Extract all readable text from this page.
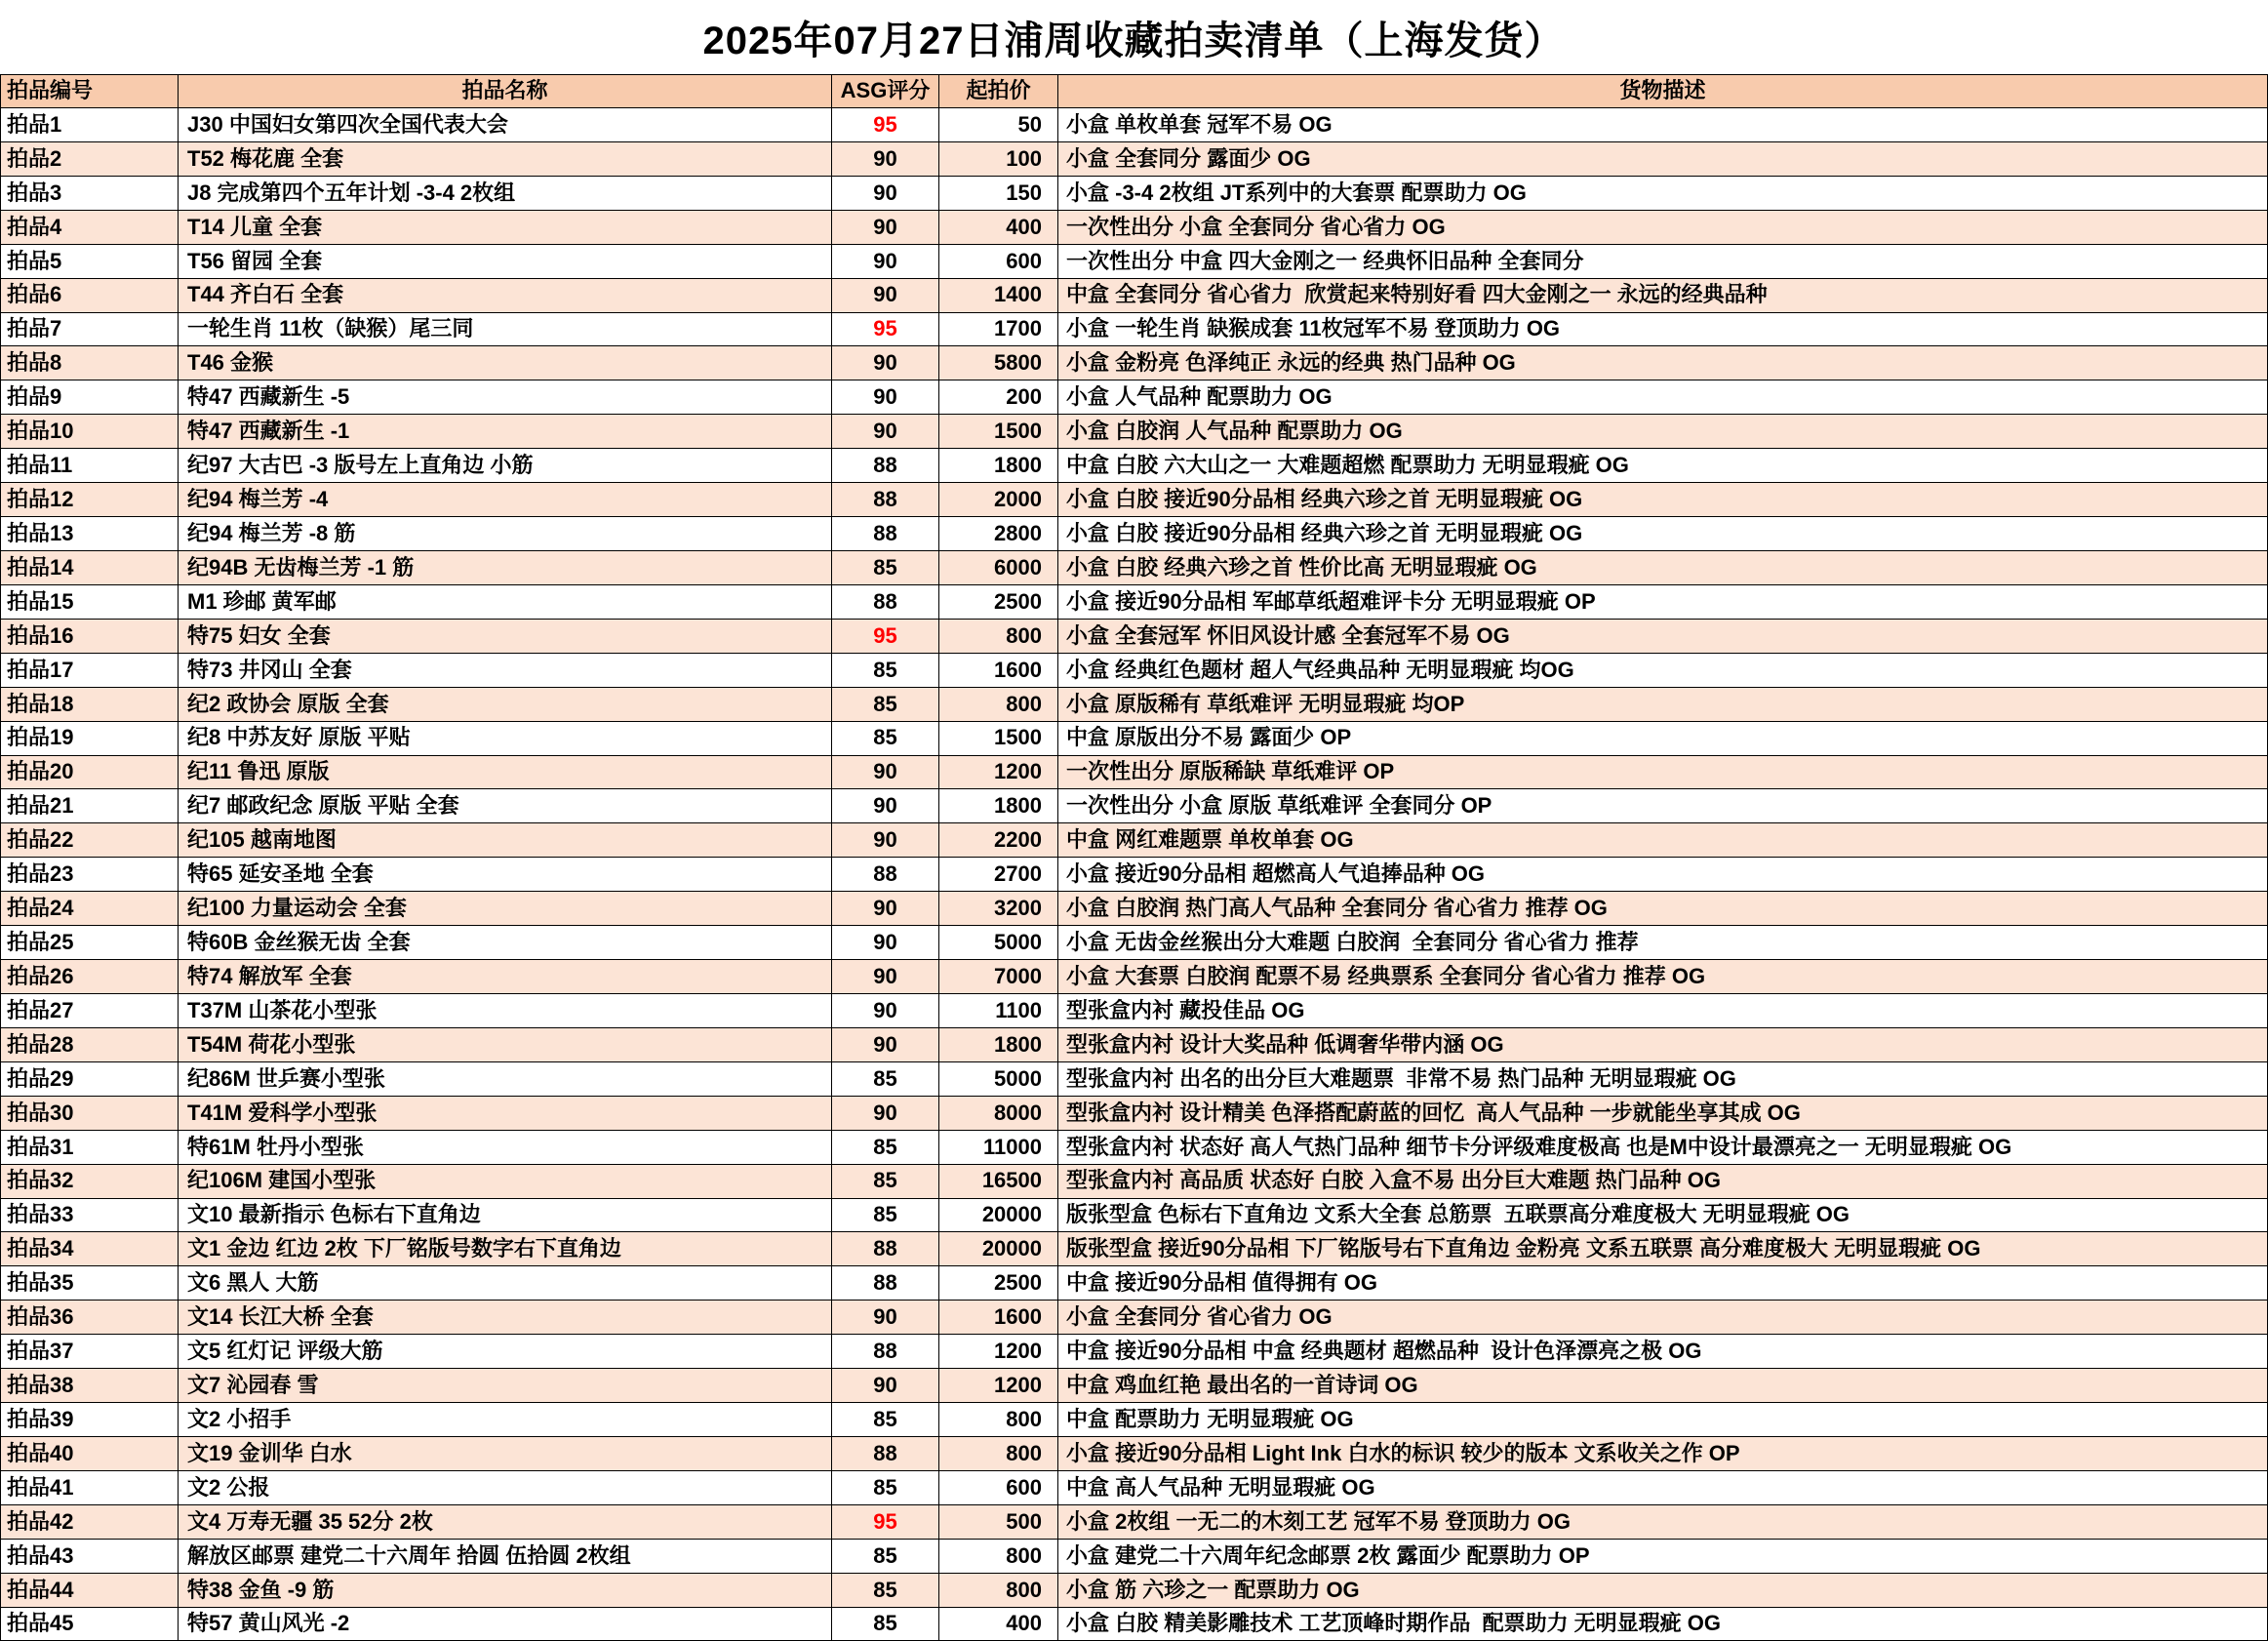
2025年07月27日浦周收藏拍卖清单（上海发货）
拍品编号	拍品名称	ASG评分	起拍价	货物描述
拍品1	J30 中国妇女第四次全国代表大会	95	50	小盒 单枚单套 冠军不易 OG
拍品2	T52 梅花鹿 全套	90	100	小盒 全套同分 露面少 OG
拍品3	J8 完成第四个五年计划 -3-4 2枚组	90	150	小盒 -3-4 2枚组 JT系列中的大套票 配票助力 OG
拍品4	T14 儿童 全套	90	400	一次性出分 小盒 全套同分 省心省力 OG
拍品5	T56 留园 全套	90	600	一次性出分 中盒 四大金刚之一 经典怀旧品种 全套同分
拍品6	T44 齐白石 全套	90	1400	中盒 全套同分 省心省力  欣赏起来特别好看 四大金刚之一 永远的经典品种
拍品7	一轮生肖 11枚（缺猴）尾三同	95	1700	小盒 一轮生肖 缺猴成套 11枚冠军不易 登顶助力 OG
拍品8	T46 金猴	90	5800	小盒 金粉亮 色泽纯正 永远的经典 热门品种 OG
拍品9	特47 西藏新生 -5	90	200	小盒 人气品种 配票助力 OG
拍品10	特47 西藏新生 -1	90	1500	小盒 白胶润 人气品种 配票助力 OG
拍品11	纪97 大古巴 -3 版号左上直角边 小筋	88	1800	中盒 白胶 六大山之一 大难题超燃 配票助力 无明显瑕疵 OG
拍品12	纪94 梅兰芳 -4	88	2000	小盒 白胶 接近90分品相 经典六珍之首 无明显瑕疵 OG
拍品13	纪94 梅兰芳 -8 筋	88	2800	小盒 白胶 接近90分品相 经典六珍之首 无明显瑕疵 OG
拍品14	纪94B 无齿梅兰芳 -1 筋	85	6000	小盒 白胶 经典六珍之首 性价比高 无明显瑕疵 OG
拍品15	M1 珍邮 黄军邮	88	2500	小盒 接近90分品相 军邮草纸超难评卡分 无明显瑕疵 OP
拍品16	特75 妇女 全套	95	800	小盒 全套冠军 怀旧风设计感 全套冠军不易 OG
拍品17	特73 井冈山 全套	85	1600	小盒 经典红色题材 超人气经典品种 无明显瑕疵 均OG
拍品18	纪2 政协会 原版 全套	85	800	小盒 原版稀有 草纸难评 无明显瑕疵 均OP
拍品19	纪8 中苏友好 原版 平贴	85	1500	中盒 原版出分不易 露面少 OP
拍品20	纪11 鲁迅 原版	90	1200	一次性出分 原版稀缺 草纸难评 OP
拍品21	纪7 邮政纪念 原版 平贴 全套	90	1800	一次性出分 小盒 原版 草纸难评 全套同分 OP
拍品22	纪105 越南地图	90	2200	中盒 网红难题票 单枚单套 OG
拍品23	特65 延安圣地 全套	88	2700	小盒 接近90分品相 超燃高人气追捧品种 OG
拍品24	纪100 力量运动会 全套	90	3200	小盒 白胶润 热门高人气品种 全套同分 省心省力 推荐 OG
拍品25	特60B 金丝猴无齿 全套	90	5000	小盒 无齿金丝猴出分大难题 白胶润  全套同分 省心省力 推荐
拍品26	特74 解放军 全套	90	7000	小盒 大套票 白胶润 配票不易 经典票系 全套同分 省心省力 推荐 OG
拍品27	T37M 山茶花小型张	90	1100	型张盒内衬 藏投佳品 OG
拍品28	T54M 荷花小型张	90	1800	型张盒内衬 设计大奖品种 低调奢华带内涵 OG
拍品29	纪86M 世乒赛小型张	85	5000	型张盒内衬 出名的出分巨大难题票  非常不易 热门品种 无明显瑕疵 OG
拍品30	T41M 爱科学小型张	90	8000	型张盒内衬 设计精美 色泽搭配蔚蓝的回忆  高人气品种 一步就能坐享其成 OG
拍品31	特61M 牡丹小型张	85	11000	型张盒内衬 状态好 高人气热门品种 细节卡分评级难度极高 也是M中设计最漂亮之一 无明显瑕疵 OG
拍品32	纪106M 建国小型张	85	16500	型张盒内衬 高品质 状态好 白胶 入盒不易 出分巨大难题 热门品种 OG
拍品33	文10 最新指示 色标右下直角边	85	20000	版张型盒 色标右下直角边 文系大全套 总筋票  五联票高分难度极大 无明显瑕疵 OG
拍品34	文1 金边 红边 2枚 下厂铭版号数字右下直角边	88	20000	版张型盒 接近90分品相 下厂铭版号右下直角边 金粉亮 文系五联票 高分难度极大 无明显瑕疵 OG
拍品35	文6 黑人 大筋	88	2500	中盒 接近90分品相 值得拥有 OG
拍品36	文14 长江大桥 全套	90	1600	小盒 全套同分 省心省力 OG
拍品37	文5 红灯记 评级大筋	88	1200	中盒 接近90分品相 中盒 经典题材 超燃品种  设计色泽漂亮之极 OG
拍品38	文7 沁园春 雪	90	1200	中盒 鸡血红艳 最出名的一首诗词 OG
拍品39	文2 小招手	85	800	中盒 配票助力 无明显瑕疵 OG
拍品40	文19 金训华 白水	88	800	小盒 接近90分品相 Light Ink 白水的标识 较少的版本 文系收关之作 OP
拍品41	文2 公报	85	600	中盒 高人气品种 无明显瑕疵 OG
拍品42	文4 万寿无疆 35 52分 2枚	95	500	小盒 2枚组 一无二的木刻工艺 冠军不易 登顶助力 OG
拍品43	解放区邮票 建党二十六周年 拾圆 伍拾圆 2枚组	85	800	小盒 建党二十六周年纪念邮票 2枚 露面少 配票助力 OP
拍品44	特38 金鱼 -9 筋	85	800	小盒 筋 六珍之一 配票助力 OG
拍品45	特57 黄山风光 -2	85	400	小盒 白胶 精美影雕技术 工艺顶峰时期作品  配票助力 无明显瑕疵 OG
